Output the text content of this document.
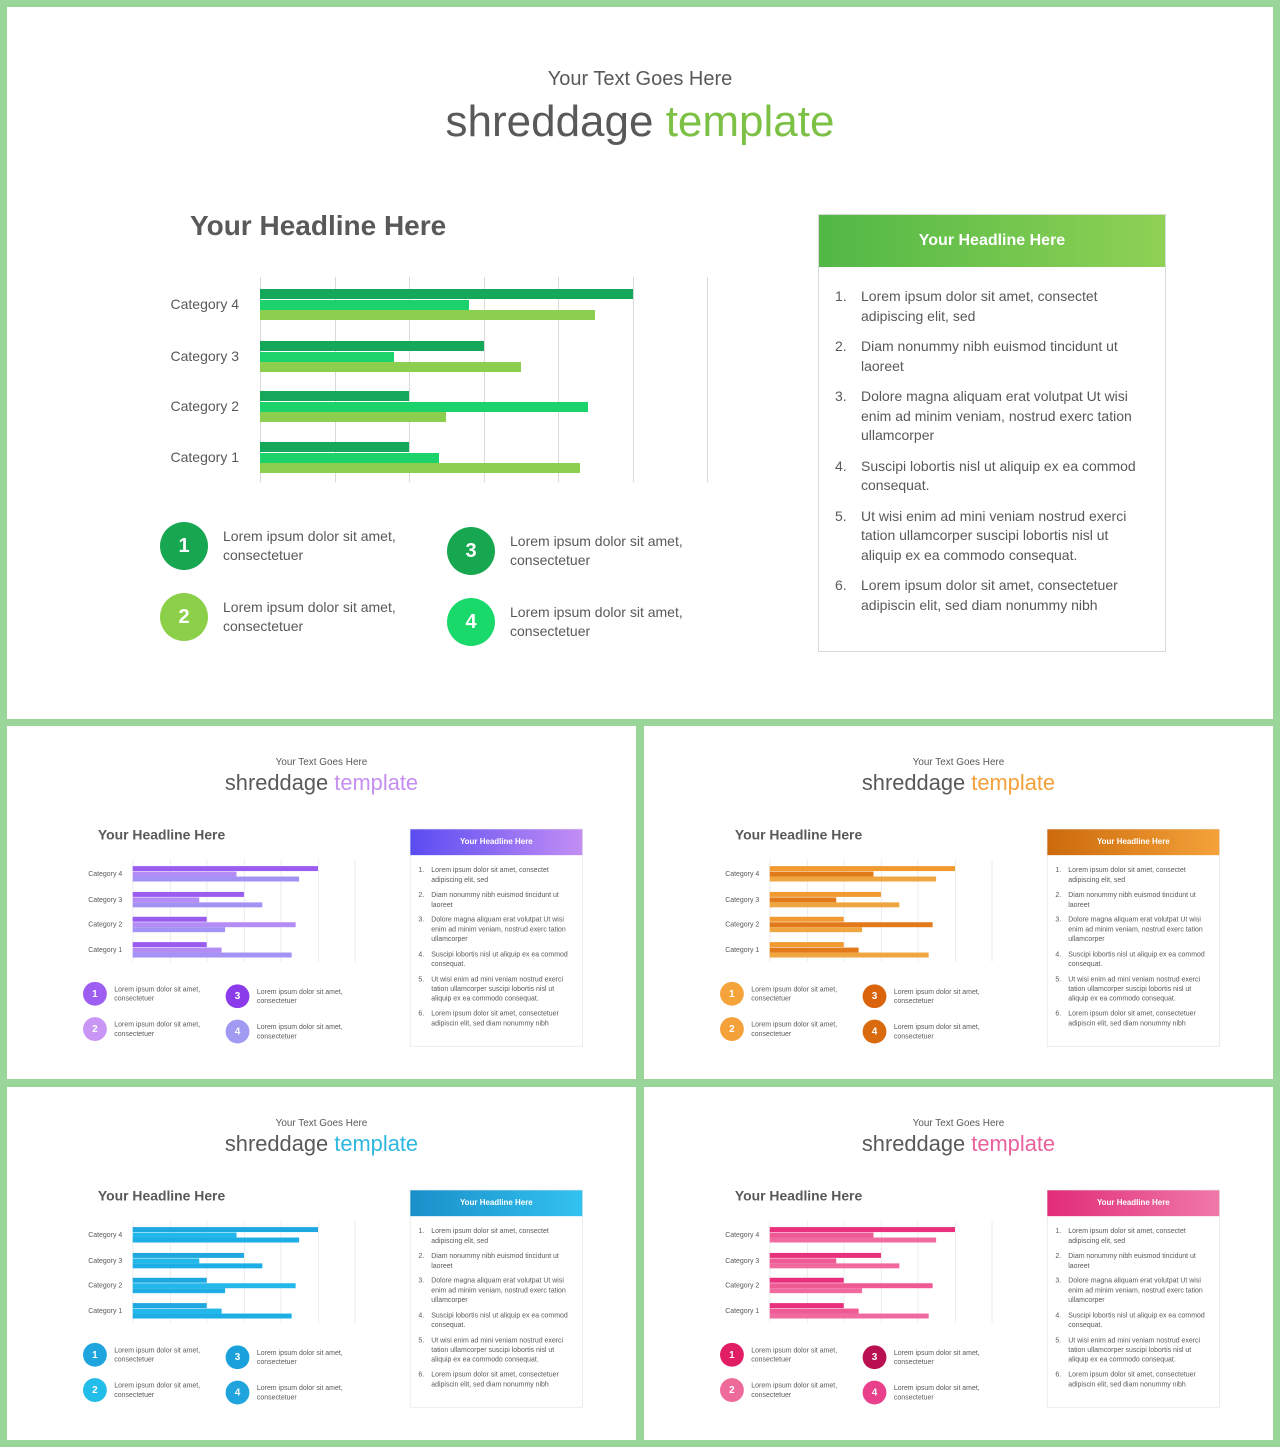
Your Text Goes Here
shreddage template
Your Headline Here
Category 1
Category 2
Category 3
Category 4
1	Lorem ipsum dolor sit amet, consectetuer
2	Lorem ipsum dolor sit amet, consectetuer
3	Lorem ipsum dolor sit amet, consectetuer
4	Lorem ipsum dolor sit amet, consectetuer
Your Headline Here
1.	Lorem ipsum dolor sit amet, consectet adipiscing elit, sed
2.	Diam nonummy nibh euismod tincidunt ut laoreet
3.	Dolore magna aliquam erat volutpat Ut wisi enim ad minim veniam, nostrud exerc tation ullamcorper
4.	Suscipi lobortis nisl ut aliquip ex ea commod consequat.
5.	Ut wisi enim ad mini veniam nostrud exerci tation ullamcorper suscipi lobortis nisl ut aliquip ex ea commodo consequat.
6.	Lorem ipsum dolor sit amet, consectetuer adipiscin elit, sed diam nonummy nibh
Your Text Goes Here
shreddage template
Your Headline Here
Category 1
Category 2
Category 3
Category 4
1	Lorem ipsum dolor sit amet, consectetuer
2	Lorem ipsum dolor sit amet, consectetuer
3	Lorem ipsum dolor sit amet, consectetuer
4	Lorem ipsum dolor sit amet, consectetuer
Your Headline Here
1. Lorem ipsum dolor sit amet, consectet adipiscing elit, sed
2. Diam nonummy nibh euismod tincidunt ut laoreet
3. Dolore magna aliquam erat volutpat Ut wisi enim ad minim veniam, nostrud exerc tation ullamcorper
4. Suscipi lobortis nisl ut aliquip ex ea commod consequat.
5. Ut wisi enim ad mini veniam nostrud exerci tation ullamcorper suscipi lobortis nisl ut aliquip ex ea commodo consequat.
6. Lorem ipsum dolor sit amet, consectetuer adipiscin elit, sed diam nonummy nibh
Your Text Goes Here
shreddage template
Your Headline Here
Category 1
Category 2
Category 3
Category 4
1	Lorem ipsum dolor sit amet, consectetuer
2	Lorem ipsum dolor sit amet, consectetuer
3	Lorem ipsum dolor sit amet, consectetuer
4	Lorem ipsum dolor sit amet, consectetuer
Your Headline Here
1. Lorem ipsum dolor sit amet, consectet adipiscing elit, sed
2. Diam nonummy nibh euismod tincidunt ut laoreet
3. Dolore magna aliquam erat volutpat Ut wisi enim ad minim veniam, nostrud exerc tation ullamcorper
4. Suscipi lobortis nisl ut aliquip ex ea commod consequat.
5. Ut wisi enim ad mini veniam nostrud exerci tation ullamcorper suscipi lobortis nisl ut aliquip ex ea commodo consequat.
6. Lorem ipsum dolor sit amet, consectetuer adipiscin elit, sed diam nonummy nibh
Your Text Goes Here
shreddage template
Your Headline Here
Category 1
Category 2
Category 3
Category 4
1	Lorem ipsum dolor sit amet, consectetuer
2	Lorem ipsum dolor sit amet, consectetuer
3	Lorem ipsum dolor sit amet, consectetuer
4	Lorem ipsum dolor sit amet, consectetuer
Your Headline Here
1. Lorem ipsum dolor sit amet, consectet adipiscing elit, sed
2. Diam nonummy nibh euismod tincidunt ut laoreet
3. Dolore magna aliquam erat volutpat Ut wisi enim ad minim veniam, nostrud exerc tation ullamcorper
4. Suscipi lobortis nisl ut aliquip ex ea commod consequat.
5. Ut wisi enim ad mini veniam nostrud exerci tation ullamcorper suscipi lobortis nisl ut aliquip ex ea commodo consequat.
6. Lorem ipsum dolor sit amet, consectetuer adipiscin elit, sed diam nonummy nibh
Your Text Goes Here
shreddage template
Your Headline Here
Category 1
Category 2
Category 3
Category 4
1	Lorem ipsum dolor sit amet, consectetuer
2	Lorem ipsum dolor sit amet, consectetuer
3	Lorem ipsum dolor sit amet, consectetuer
4	Lorem ipsum dolor sit amet, consectetuer
Your Headline Here
1. Lorem ipsum dolor sit amet, consectet adipiscing elit, sed
2. Diam nonummy nibh euismod tincidunt ut laoreet
3. Dolore magna aliquam erat volutpat Ut wisi enim ad minim veniam, nostrud exerc tation ullamcorper
4. Suscipi lobortis nisl ut aliquip ex ea commod consequat.
5. Ut wisi enim ad mini veniam nostrud exerci tation ullamcorper suscipi lobortis nisl ut aliquip ex ea commodo consequat.
6. Lorem ipsum dolor sit amet, consectetuer adipiscin elit, sed diam nonummy nibh
